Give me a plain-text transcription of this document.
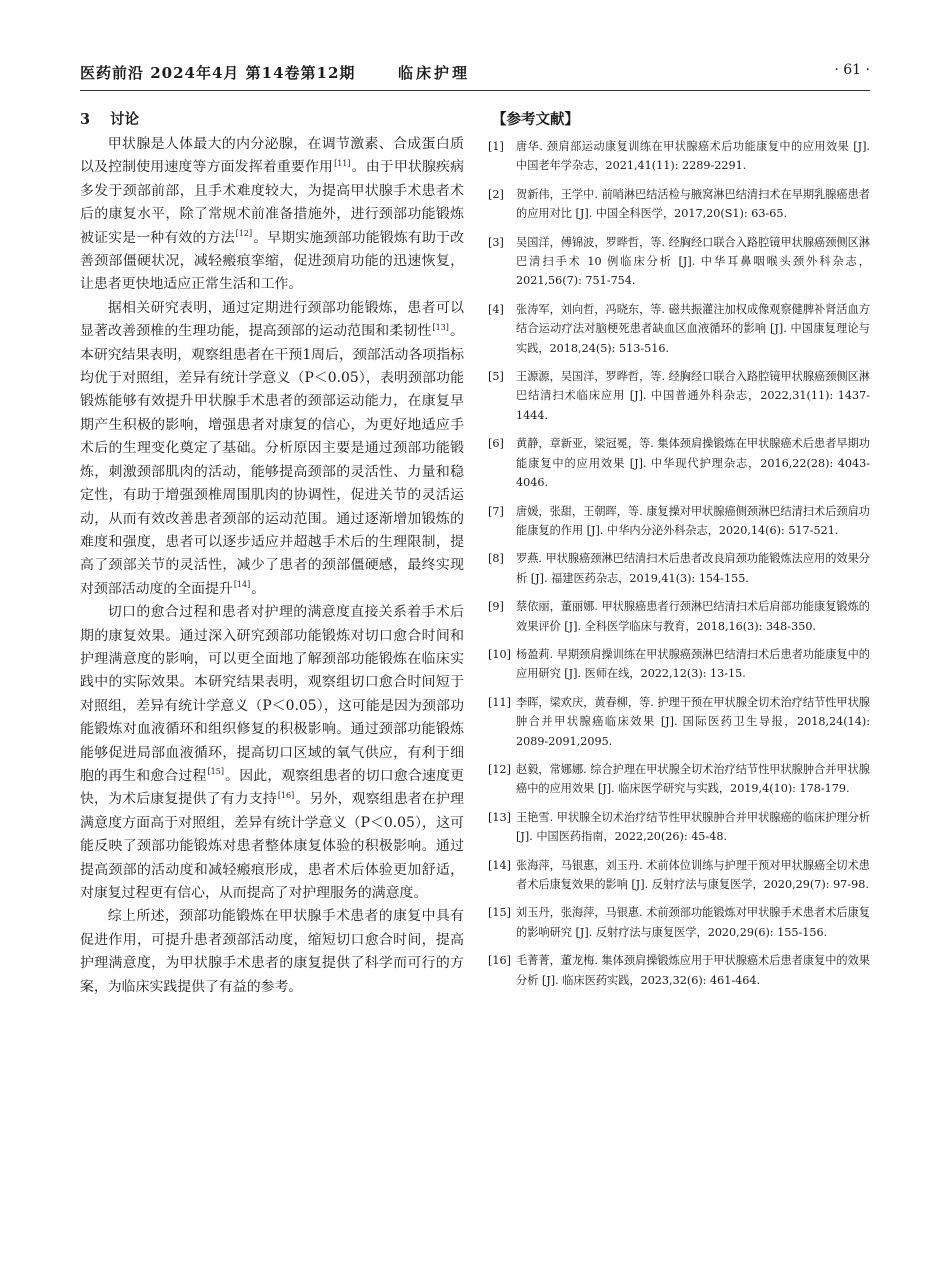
医药前沿 2024年4月 第14卷第12期	临床护理	· 61 ·
3 讨论

甲状腺是人体最大的内分泌腺，在调节激素、合成蛋白质以及控制使用速度等方面发挥着重要作用[11]。由于甲状腺疾病多发于颈部前部，且手术难度较大，为提高甲状腺手术患者术后的康复水平，除了常规术前准备措施外，进行颈部功能锻炼被证实是一种有效的方法[12]。早期实施颈部功能锻炼有助于改善颈部僵硬状况，减轻瘢痕挛缩，促进颈肩功能的迅速恢复，让患者更快地适应正常生活和工作。

据相关研究表明，通过定期进行颈部功能锻炼，患者可以显著改善颈椎的生理功能，提高颈部的运动范围和柔韧性[13]。本研究结果表明，观察组患者在干预1周后，颈部活动各项指标均优于对照组，差异有统计学意义（P＜0.05），表明颈部功能锻炼能够有效提升甲状腺手术患者的颈部运动能力，在康复早期产生积极的影响，增强患者对康复的信心，为更好地适应手术后的生理变化奠定了基础。分析原因主要是通过颈部功能锻炼，刺激颈部肌肉的活动，能够提高颈部的灵活性、力量和稳定性，有助于增强颈椎周围肌肉的协调性，促进关节的灵活运动，从而有效改善患者颈部的运动范围。通过逐渐增加锻炼的难度和强度，患者可以逐步适应并超越手术后的生理限制，提高了颈部关节的灵活性，减少了患者的颈部僵硬感，最终实现对颈部活动度的全面提升[14]。

切口的愈合过程和患者对护理的满意度直接关系着手术后期的康复效果。通过深入研究颈部功能锻炼对切口愈合时间和护理满意度的影响，可以更全面地了解颈部功能锻炼在临床实践中的实际效果。本研究结果表明，观察组切口愈合时间短于对照组，差异有统计学意义（P＜0.05），这可能是因为颈部功能锻炼对血液循环和组织修复的积极影响。通过颈部功能锻炼能够促进局部血液循环，提高切口区域的氧气供应，有利于细胞的再生和愈合过程[15]。因此，观察组患者的切口愈合速度更快，为术后康复提供了有力支持[16]。另外，观察组患者在护理满意度方面高于对照组，差异有统计学意义（P＜0.05），这可能反映了颈部功能锻炼对患者整体康复体验的积极影响。通过提高颈部的活动度和减轻瘢痕形成，患者术后体验更加舒适，对康复过程更有信心，从而提高了对护理服务的满意度。

综上所述，颈部功能锻炼在甲状腺手术患者的康复中具有促进作用，可提升患者颈部活动度，缩短切口愈合时间，提高护理满意度，为甲状腺手术患者的康复提供了科学而可行的方案，为临床实践提供了有益的参考。

【参考文献】
[1] 唐华. 颈肩部运动康复训练在甲状腺癌术后功能康复中的应用效果 [J]. 中国老年学杂志，2021,41(11): 2289-2291.
[2] 贺新伟，王学中. 前哨淋巴结活检与腋窝淋巴结清扫术在早期乳腺癌患者的应用对比 [J]. 中国全科医学，2017,20(S1): 63-65.
[3] 吴国洋，傅锦波，罗晔哲，等. 经胸经口联合入路腔镜甲状腺癌颈侧区淋巴清扫手术 10 例临床分析 [J]. 中华耳鼻咽喉头颈外科杂志，2021,56(7): 751-754.
[4] 张涛军，刘向哲，冯晓东，等. 磁共振灌注加权成像观察健脾补肾活血方结合运动疗法对脑梗死患者缺血区血液循环的影响 [J]. 中国康复理论与实践，2018,24(5): 513-516.
[5] 王源源，吴国洋，罗晔哲，等. 经胸经口联合入路腔镜甲状腺癌颈侧区淋巴结清扫术临床应用 [J]. 中国普通外科杂志，2022,31(11): 1437-1444.
[6] 黄静，章新亚，梁冠冕，等. 集体颈肩操锻炼在甲状腺癌术后患者早期功能康复中的应用效果 [J]. 中华现代护理杂志，2016,22(28): 4043-4046.
[7] 唐媛，张甜，王朝晖，等. 康复操对甲状腺癌侧颈淋巴结清扫术后颈肩功能康复的作用 [J]. 中华内分泌外科杂志，2020,14(6): 517-521.
[8] 罗燕. 甲状腺癌颈淋巴结清扫术后患者改良肩颈功能锻炼法应用的效果分析 [J]. 福建医药杂志，2019,41(3): 154-155.
[9] 蔡依丽，董丽娜. 甲状腺癌患者行颈淋巴结清扫术后肩部功能康复锻炼的效果评价 [J]. 全科医学临床与教育，2018,16(3): 348-350.
[10] 杨盈莉. 早期颈肩操训练在甲状腺癌颈淋巴结清扫术后患者功能康复中的应用研究 [J]. 医师在线，2022,12(3): 13-15.
[11] 李晖，梁欢庆，黄春柳，等. 护理干预在甲状腺全切术治疗结节性甲状腺肿合并甲状腺癌临床效果 [J]. 国际医药卫生导报，2018,24(14): 2089-2091,2095.
[12] 赵毅，常娜娜. 综合护理在甲状腺全切术治疗结节性甲状腺肿合并甲状腺癌中的应用效果 [J]. 临床医学研究与实践，2019,4(10): 178-179.
[13] 王艳雪. 甲状腺全切术治疗结节性甲状腺肿合并甲状腺癌的临床护理分析 [J]. 中国医药指南，2022,20(26): 45-48.
[14] 张海萍，马银惠，刘玉丹. 术前体位训练与护理干预对甲状腺癌全切术患者术后康复效果的影响 [J]. 反射疗法与康复医学，2020,29(7): 97-98.
[15] 刘玉丹，张海萍，马银惠. 术前颈部功能锻炼对甲状腺手术患者术后康复的影响研究 [J]. 反射疗法与康复医学，2020,29(6): 155-156.
[16] 毛菁菁，董龙梅. 集体颈肩操锻炼应用于甲状腺癌术后患者康复中的效果分析 [J]. 临床医药实践，2023,32(6): 461-464.
